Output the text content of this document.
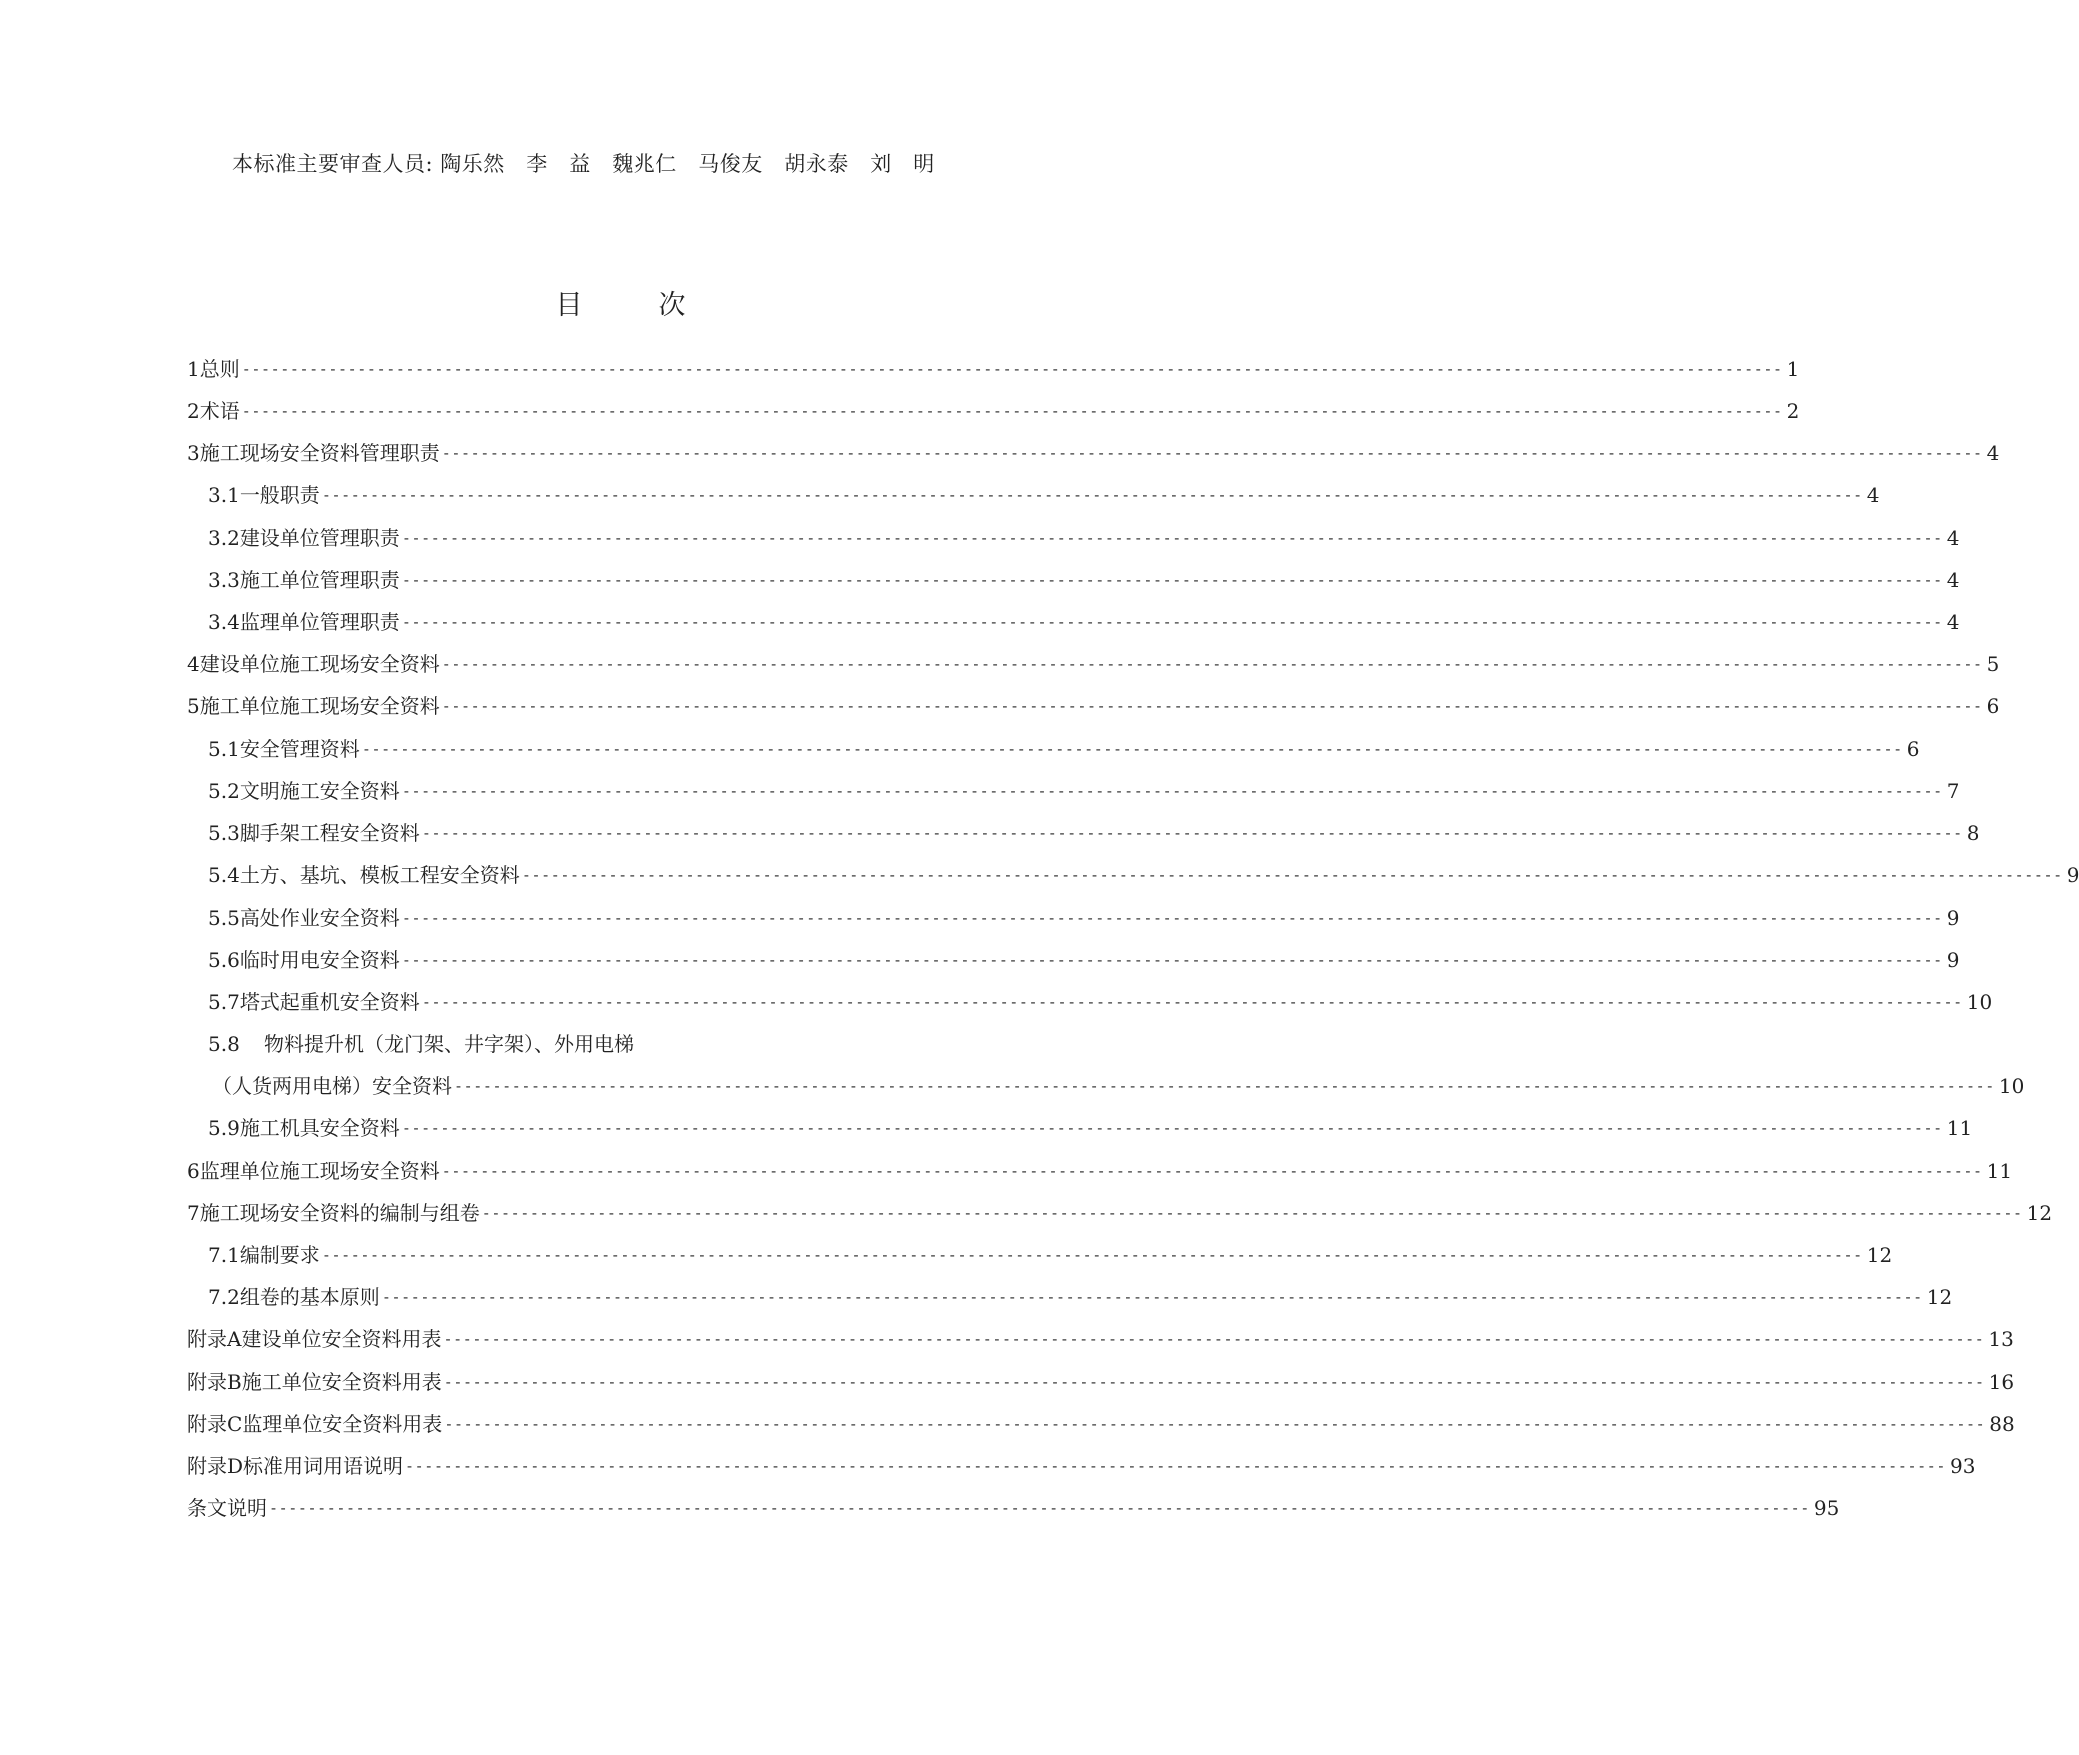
本标准主要审查人员: 陶乐然　李　益　魏兆仁　马俊友　胡永泰　刘　明
目	次
1 总则 ---------------------------------------------------------------------------------------------------------------------------------------------------------------- 1
2 术语 ---------------------------------------------------------------------------------------------------------------------------------------------------------------- 2
3 施工现场安全资料管理职责 ---------------------------------------------------------------------------------------------------------------------------------------------------------------- 4
3.1 一般职责 ---------------------------------------------------------------------------------------------------------------------------------------------------------------- 4
3.2 建设单位管理职责 ---------------------------------------------------------------------------------------------------------------------------------------------------------------- 4
3.3 施工单位管理职责 ---------------------------------------------------------------------------------------------------------------------------------------------------------------- 4
3.4 监理单位管理职责 ---------------------------------------------------------------------------------------------------------------------------------------------------------------- 4
4 建设单位施工现场安全资料 ---------------------------------------------------------------------------------------------------------------------------------------------------------------- 5
5 施工单位施工现场安全资料 ---------------------------------------------------------------------------------------------------------------------------------------------------------------- 6
5.1 安全管理资料 ---------------------------------------------------------------------------------------------------------------------------------------------------------------- 6
5.2 文明施工安全资料 ---------------------------------------------------------------------------------------------------------------------------------------------------------------- 7
5.3 脚手架工程安全资料 ---------------------------------------------------------------------------------------------------------------------------------------------------------------- 8
5.4 土方、基坑、模板工程安全资料 ---------------------------------------------------------------------------------------------------------------------------------------------------------------- 9
5.5 高处作业安全资料 ---------------------------------------------------------------------------------------------------------------------------------------------------------------- 9
5.6 临时用电安全资料 ---------------------------------------------------------------------------------------------------------------------------------------------------------------- 9
5.7 塔式起重机安全资料 ---------------------------------------------------------------------------------------------------------------------------------------------------------------- 10
5.8	物料提升机（龙门架、井字架）、外用电梯
（人货两用电梯）安全资料 ---------------------------------------------------------------------------------------------------------------------------------------------------------------- 10
5.9 施工机具安全资料 ---------------------------------------------------------------------------------------------------------------------------------------------------------------- 11
6 监理单位施工现场安全资料 ---------------------------------------------------------------------------------------------------------------------------------------------------------------- 11
7 施工现场安全资料的编制与组卷 ---------------------------------------------------------------------------------------------------------------------------------------------------------------- 12
7.1 编制要求 ---------------------------------------------------------------------------------------------------------------------------------------------------------------- 12
7.2 组卷的基本原则 ---------------------------------------------------------------------------------------------------------------------------------------------------------------- 12
附录A 建设单位安全资料用表 ---------------------------------------------------------------------------------------------------------------------------------------------------------------- 13
附录B 施工单位安全资料用表 ---------------------------------------------------------------------------------------------------------------------------------------------------------------- 16
附录C 监理单位安全资料用表 ---------------------------------------------------------------------------------------------------------------------------------------------------------------- 88
附录D 标准用词用语说明 ---------------------------------------------------------------------------------------------------------------------------------------------------------------- 93
条文说明 ---------------------------------------------------------------------------------------------------------------------------------------------------------------- 95
